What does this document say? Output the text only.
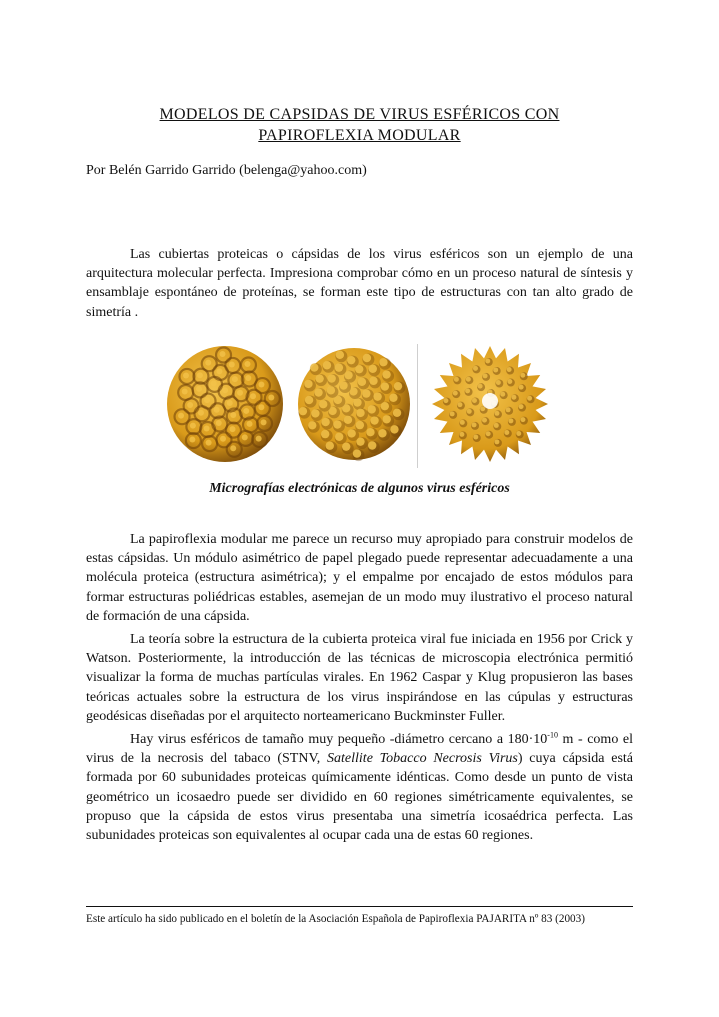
MODELOS DE CAPSIDAS DE VIRUS ESFÉRICOS CON
PAPIROFLEXIA MODULAR
Por Belén Garrido Garrido (belenga@yahoo.com)

Las cubiertas proteicas o cápsidas de los virus esféricos son un ejemplo de una arquitectura molecular perfecta. Impresiona comprobar cómo en un proceso natural de síntesis y ensamblaje espontáneo de proteínas, se forman este tipo de estructuras con tan alto grado de simetría .

Micrografías electrónicas de algunos virus esféricos

La papiroflexia modular me parece un recurso muy apropiado para construir modelos de estas cápsidas. Un módulo asimétrico de papel plegado puede representar adecuadamente a una molécula proteica (estructura asimétrica); y el empalme por encajado de estos módulos para formar estructuras poliédricas estables, asemejan de un modo muy ilustrativo el proceso natural de formación de una cápsida.

La teoría sobre la estructura de la cubierta proteica viral fue iniciada en 1956 por Crick y Watson. Posteriormente, la introducción de las técnicas de microscopia electrónica permitió visualizar la forma de muchas partículas virales. En 1962 Caspar y Klug propusieron las bases teóricas actuales sobre la estructura de los virus inspirándose en las cúpulas y estructuras geodésicas diseñadas por el arquitecto norteamericano Buckminster Fuller.

Hay virus esféricos de tamaño muy pequeño -diámetro cercano a $180\cdot 10^{-10}$ m - como el virus de la necrosis del tabaco (STNV, Satellite Tobacco Necrosis Virus) cuya cápsida está formada por 60 subunidades proteicas químicamente idénticas. Como desde un punto de vista geométrico un icosaedro puede ser dividido en 60 regiones simétricamente equivalentes, se propuso que la cápsida de estos virus presentaba una simetría icosaédrica perfecta. Las subunidades proteicas son equivalentes al ocupar cada una de estas 60 regiones.

Este artículo ha sido publicado en el boletín de la Asociación Española de Papiroflexia PAJARITA nº 83 (2003)
